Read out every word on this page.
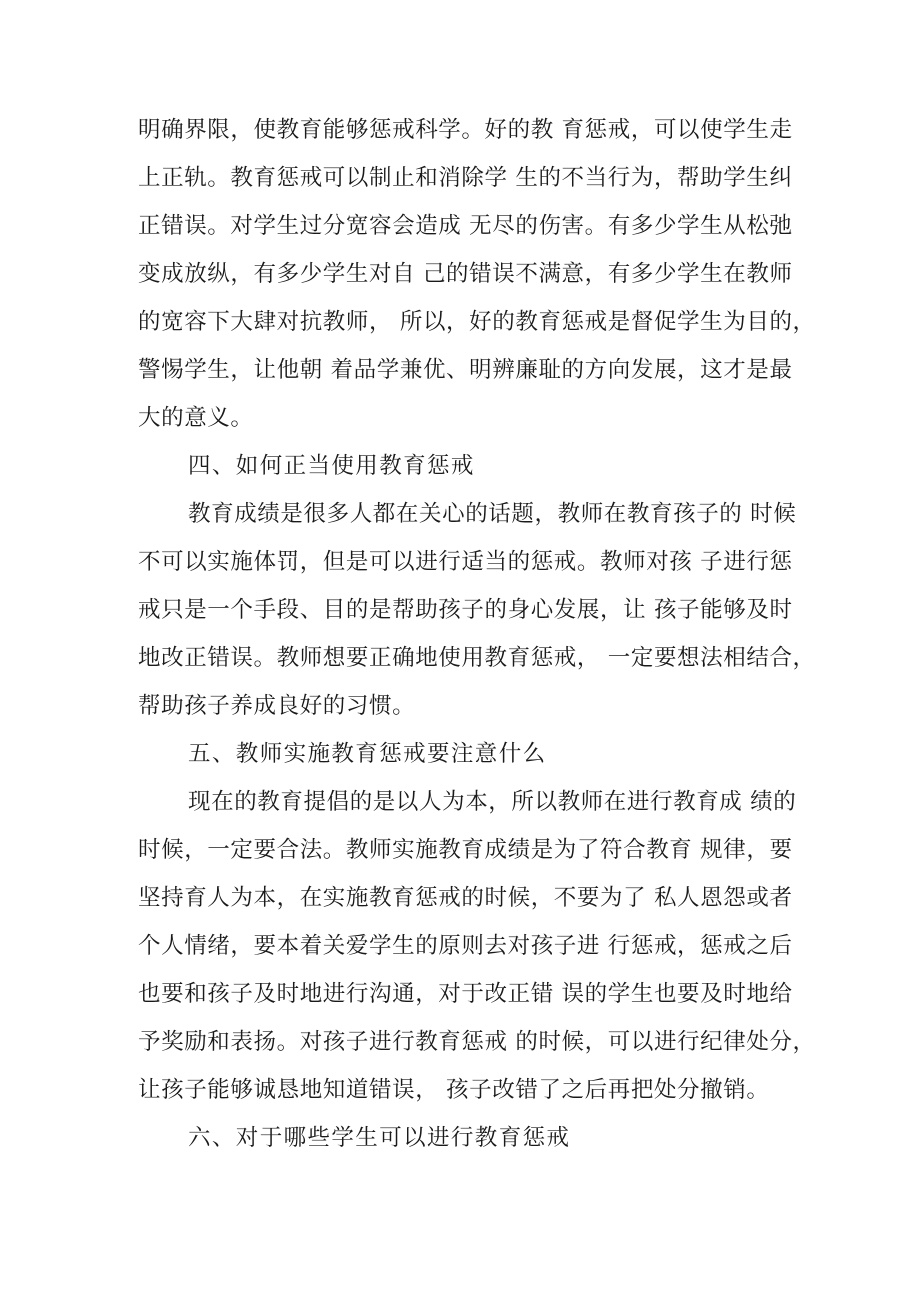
明确界限，使教育能够惩戒科学。好的教 育惩戒，可以使学生走
上正轨。教育惩戒可以制止和消除学 生的不当行为，帮助学生纠
正错误。对学生过分宽容会造成 无尽的伤害。有多少学生从松弛
变成放纵，有多少学生对自 己的错误不满意，有多少学生在教师
的宽容下大肆对抗教师， 所以，好的教育惩戒是督促学生为目的，
警惕学生，让他朝 着品学兼优、明辨廉耻的方向发展，这才是最
大的意义。
四、如何正当使用教育惩戒
教育成绩是很多人都在关心的话题，教师在教育孩子的 时候
不可以实施体罚，但是可以进行适当的惩戒。教师对孩 子进行惩
戒只是一个手段、目的是帮助孩子的身心发展，让 孩子能够及时
地改正错误。教师想要正确地使用教育惩戒， 一定要想法相结合，
帮助孩子养成良好的习惯。
五、教师实施教育惩戒要注意什么
现在的教育提倡的是以人为本，所以教师在进行教育成 绩的
时候，一定要合法。教师实施教育成绩是为了符合教育 规律，要
坚持育人为本，在实施教育惩戒的时候，不要为了 私人恩怨或者
个人情绪，要本着关爱学生的原则去对孩子进 行惩戒，惩戒之后
也要和孩子及时地进行沟通，对于改正错 误的学生也要及时地给
予奖励和表扬。对孩子进行教育惩戒 的时候，可以进行纪律处分，
让孩子能够诚恳地知道错误， 孩子改错了之后再把处分撤销。
六、对于哪些学生可以进行教育惩戒
